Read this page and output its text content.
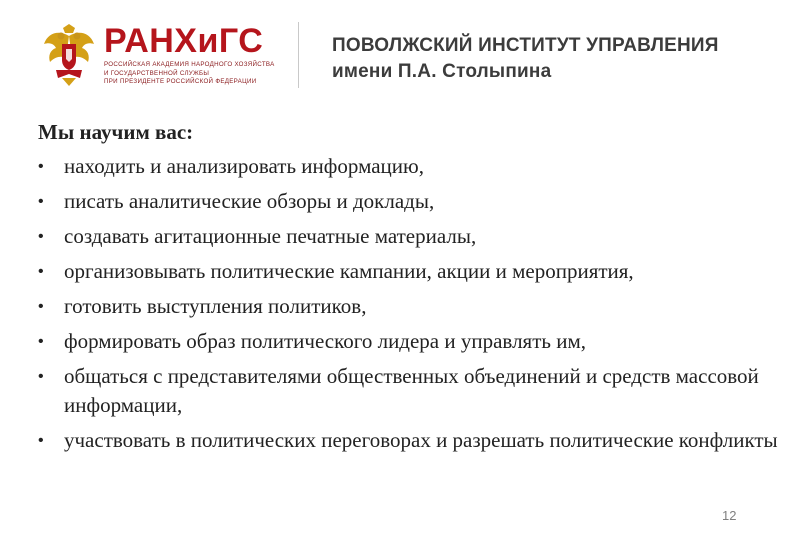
РАНХиГС
РОССИЙСКАЯ АКАДЕМИЯ НАРОДНОГО ХОЗЯЙСТВА
И ГОСУДАРСТВЕННОЙ СЛУЖБЫ
ПРИ ПРЕЗИДЕНТЕ РОССИЙСКОЙ ФЕДЕРАЦИИ
ПОВОЛЖСКИЙ ИНСТИТУТ УПРАВЛЕНИЯ
имени П.А. Столыпина
Мы научим вас:
• находить и анализировать информацию,
• писать аналитические обзоры и доклады,
• создавать агитационные печатные материалы,
• организовывать политические кампании, акции и мероприятия,
• готовить выступления политиков,
• формировать образ политического лидера и управлять им,
• общаться с представителями общественных объединений и средств массовой информации,
• участвовать в политических переговорах и разрешать политические конфликты
12
